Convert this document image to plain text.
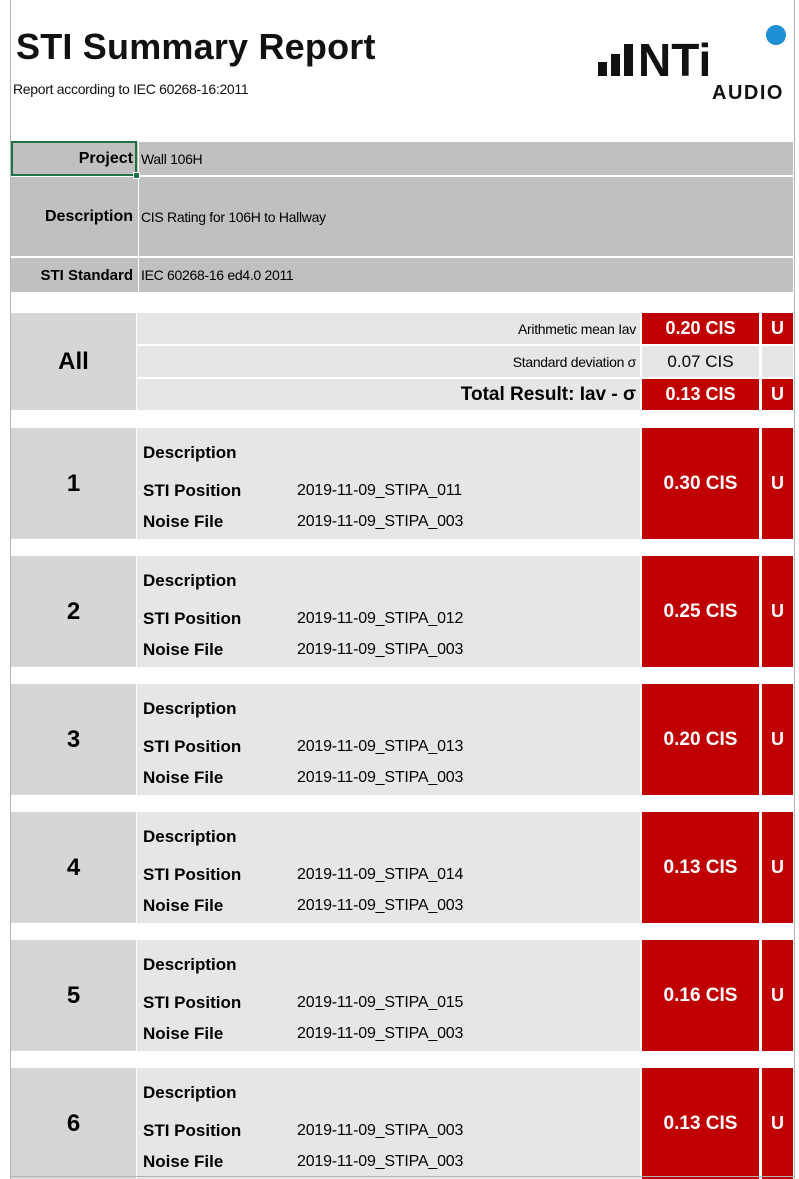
STI Summary Report
Report according to IEC 60268-16:2011
NTi
AUDIO
Project Wall 106H
Description CIS Rating for 106H to Hallway
STI Standard IEC 60268-16 ed4.0 2011
All
Arithmetic mean Iav	0.20 CIS	U
Standard deviation σ	0.07 CIS
Total Result: Iav - σ	0.13 CIS	U
1
Description
STI Position	2019-11-09_STIPA_011
Noise File	2019-11-09_STIPA_003
0.30 CIS	U
2
Description
STI Position	2019-11-09_STIPA_012
Noise File	2019-11-09_STIPA_003
0.25 CIS	U
3
Description
STI Position	2019-11-09_STIPA_013
Noise File	2019-11-09_STIPA_003
0.20 CIS	U
4
Description
STI Position	2019-11-09_STIPA_014
Noise File	2019-11-09_STIPA_003
0.13 CIS	U
5
Description
STI Position	2019-11-09_STIPA_015
Noise File	2019-11-09_STIPA_003
0.16 CIS	U
6
Description
STI Position	2019-11-09_STIPA_003
Noise File	2019-11-09_STIPA_003
0.13 CIS	U
